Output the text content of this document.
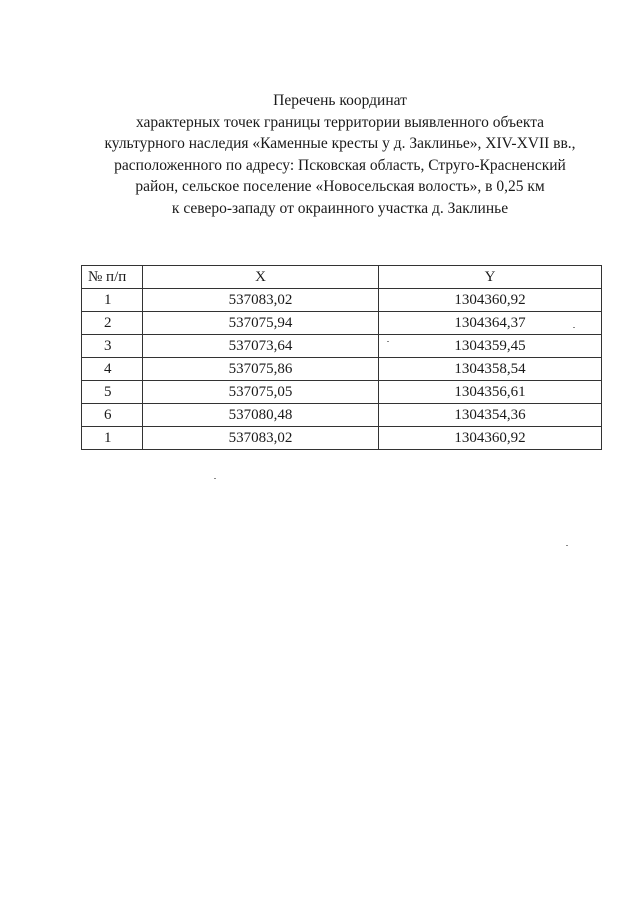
Перечень координат
характерных точек границы территории выявленного объекта
культурного наследия «Каменные кресты у д. Заклинье», XIV-XVII вв.,
расположенного по адресу: Псковская область, Струго-Красненский
район, сельское поселение «Новосельская волость», в 0,25 км
к северо-западу от окраинного участка д. Заклинье
№ п/п	X	Y
1	537083,02	1304360,92
2	537075,94	1304364,37
3	537073,64	1304359,45
4	537075,86	1304358,54
5	537075,05	1304356,61
6	537080,48	1304354,36
1	537083,02	1304360,92
